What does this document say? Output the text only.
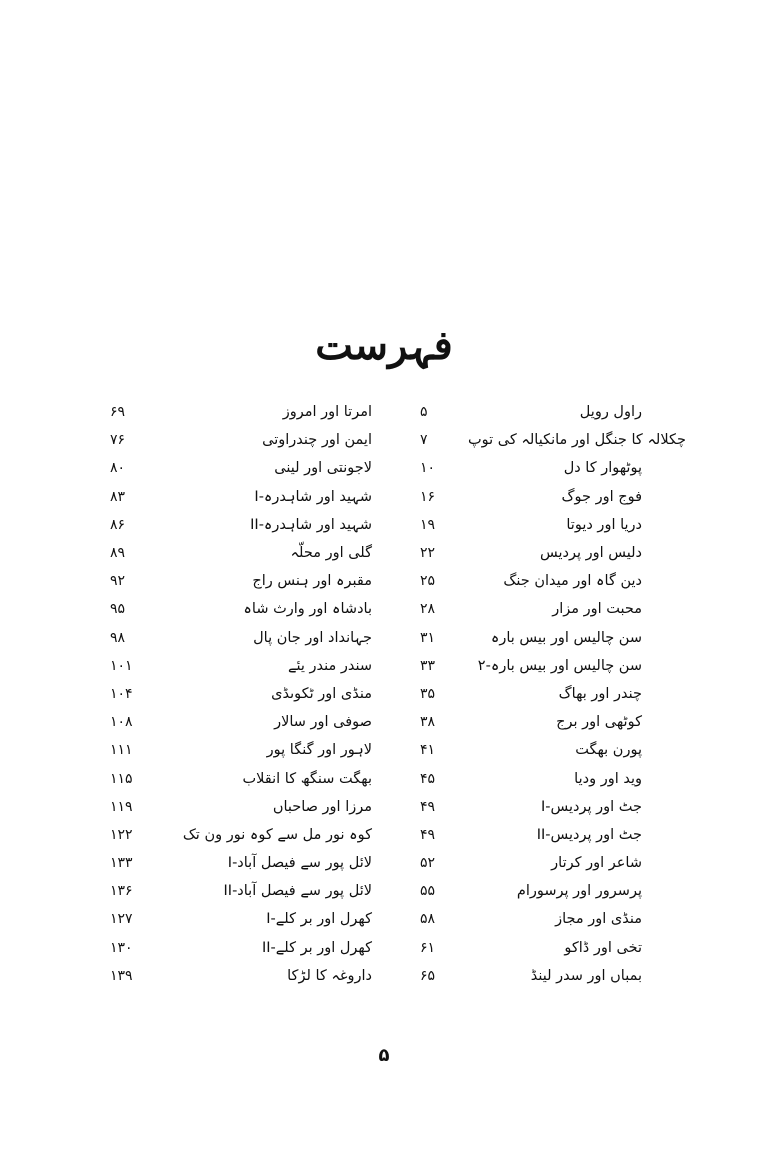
فہرست
۶۹	امرتا اور امروز	۵	راول رویل
۷۶	ایمن اور چندراوتی	۷	چکلالہ کا جنگل اور مانکیالہ کی توپ
۸۰	لاجونتی اور لینی	۱۰	پوٹھوار کا دل
۸۳	شہید اور شاہدرہ-I	۱۶	فوج اور جوگ
۸۶	شہید اور شاہدرہ-II	۱۹	دریا اور دیوتا
۸۹	گلی اور محلّہ	۲۲	دلیس اور پردیس
۹۲	مقبرہ اور ہنس راج	۲۵	دین گاہ اور میدان جنگ
۹۵	بادشاہ اور وارث شاہ	۲۸	محبت اور مزار
۹۸	جہانداد اور جان پال	۳۱	سن چالیس اور بیس بارہ
۱۰۱	سندر مندر یئے	۳۳	سن چالیس اور بیس بارہ-۲
۱۰۴	منڈی اور ٹکوںڈی	۳۵	چندر اور بھاگ
۱۰۸	صوفی اور سالار	۳۸	کوٹھی اور برج
۱۱۱	لاہور اور گنگا پور	۴۱	پورن بھگت
۱۱۵	بھگت سنگھ کا انقلاب	۴۵	وید اور ودیا
۱۱۹	مرزا اور صاحباں	۴۹	جٹ اور پردیس-I
۱۲۲	کوہ نور مل سے کوہ نور ون تک	۴۹	جٹ اور پردیس-II
۱۳۳	لائل پور سے فیصل آباد-I	۵۲	شاعر اور کرتار
۱۳۶	لائل پور سے فیصل آباد-II	۵۵	پرسرور اور پرسورام
۱۲۷	کھرل اور بر کلے-I	۵۸	منڈی اور مجاز
۱۳۰	کھرل اور بر کلے-II	۶۱	تخی اور ڈاکو
۱۳۹	داروغہ کا لڑکا	۶۵	بمباں اور سدر لینڈ
۵
